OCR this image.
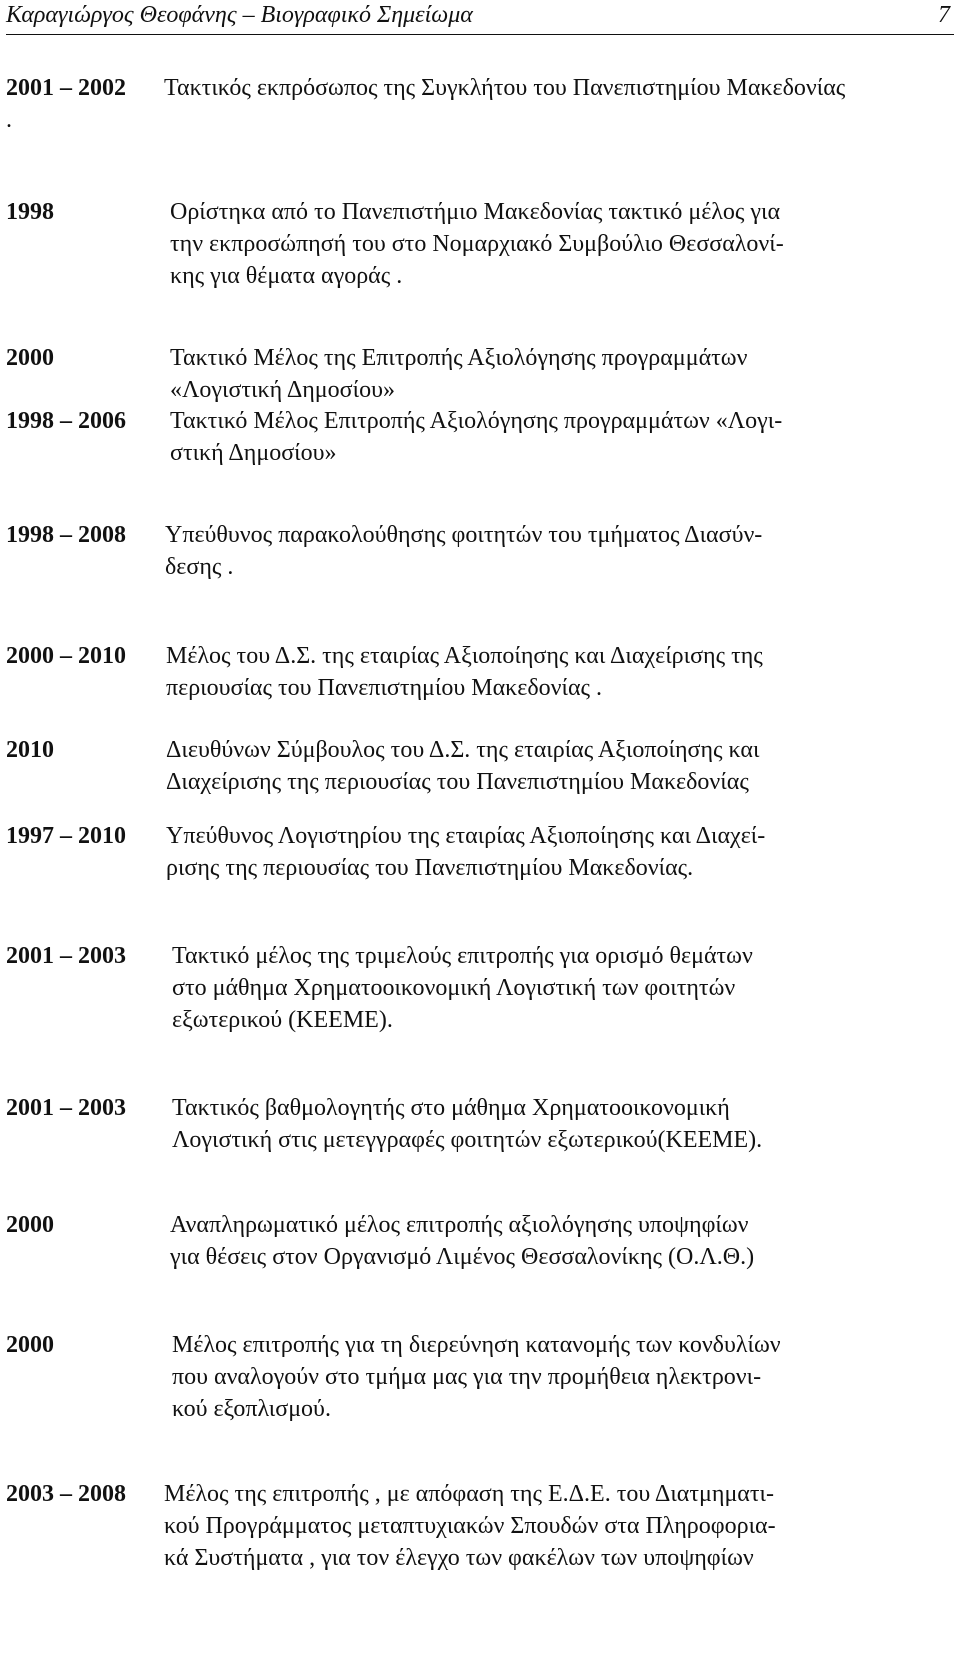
Καραγιώργος Θεοφάνης – Βιογραφικό Σημείωμα	7
2001 – 2002 Τακτικός εκπρόσωπος της Συγκλήτου του Πανεπιστημίου Μακεδονίας
.
1998	Ορίστηκα από το Πανεπιστήμιο Μακεδονίας τακτικό μέλος για
την εκπροσώπησή του στο Νομαρχιακό Συμβούλιο Θεσσαλονί-
κης για θέματα αγοράς .
2000	Τακτικό Μέλος της Επιτροπής Αξιολόγησης προγραμμάτων
«Λογιστική Δημοσίου»
1998 – 2006 Τακτικό Μέλος Επιτροπής Αξιολόγησης προγραμμάτων «Λογι-
στική Δημοσίου»
1998 – 2008 Υπεύθυνος παρακολούθησης φοιτητών του τμήματος Διασύν-
δεσης .
2000 – 2010 Μέλος του Δ.Σ. της εταιρίας Αξιοποίησης και Διαχείρισης της
περιουσίας του Πανεπιστημίου Μακεδονίας .
2010	Διευθύνων Σύμβουλος του Δ.Σ. της εταιρίας Αξιοποίησης και
Διαχείρισης της περιουσίας του Πανεπιστημίου Μακεδονίας
1997 – 2010 Υπεύθυνος Λογιστηρίου της εταιρίας Αξιοποίησης και Διαχεί-
ρισης της περιουσίας του Πανεπιστημίου Μακεδονίας.
2001 – 2003 Τακτικό μέλος της τριμελούς επιτροπής για ορισμό θεμάτων
στο μάθημα Χρηματοοικονομική Λογιστική των φοιτητών
εξωτερικού (ΚΕΕΜΕ).
2001 – 2003 Τακτικός βαθμολογητής στο μάθημα Χρηματοοικονομική
Λογιστική στις μετεγγραφές φοιτητών εξωτερικού(ΚΕΕΜΕ).
2000	Αναπληρωματικό μέλος επιτροπής αξιολόγησης υποψηφίων
για θέσεις στον Οργανισμό Λιμένος Θεσσαλονίκης (Ο.Λ.Θ.)
2000	Μέλος επιτροπής για τη διερεύνηση κατανομής των κονδυλίων
που αναλογούν στο τμήμα μας για την προμήθεια ηλεκτρονι-
κού εξοπλισμού.
2003 – 2008 Μέλος της επιτροπής , με απόφαση της Ε.Δ.Ε. του Διατμηματι-
κού Προγράμματος μεταπτυχιακών Σπουδών στα Πληροφορια-
κά Συστήματα , για τον έλεγχο των φακέλων των υποψηφίων
